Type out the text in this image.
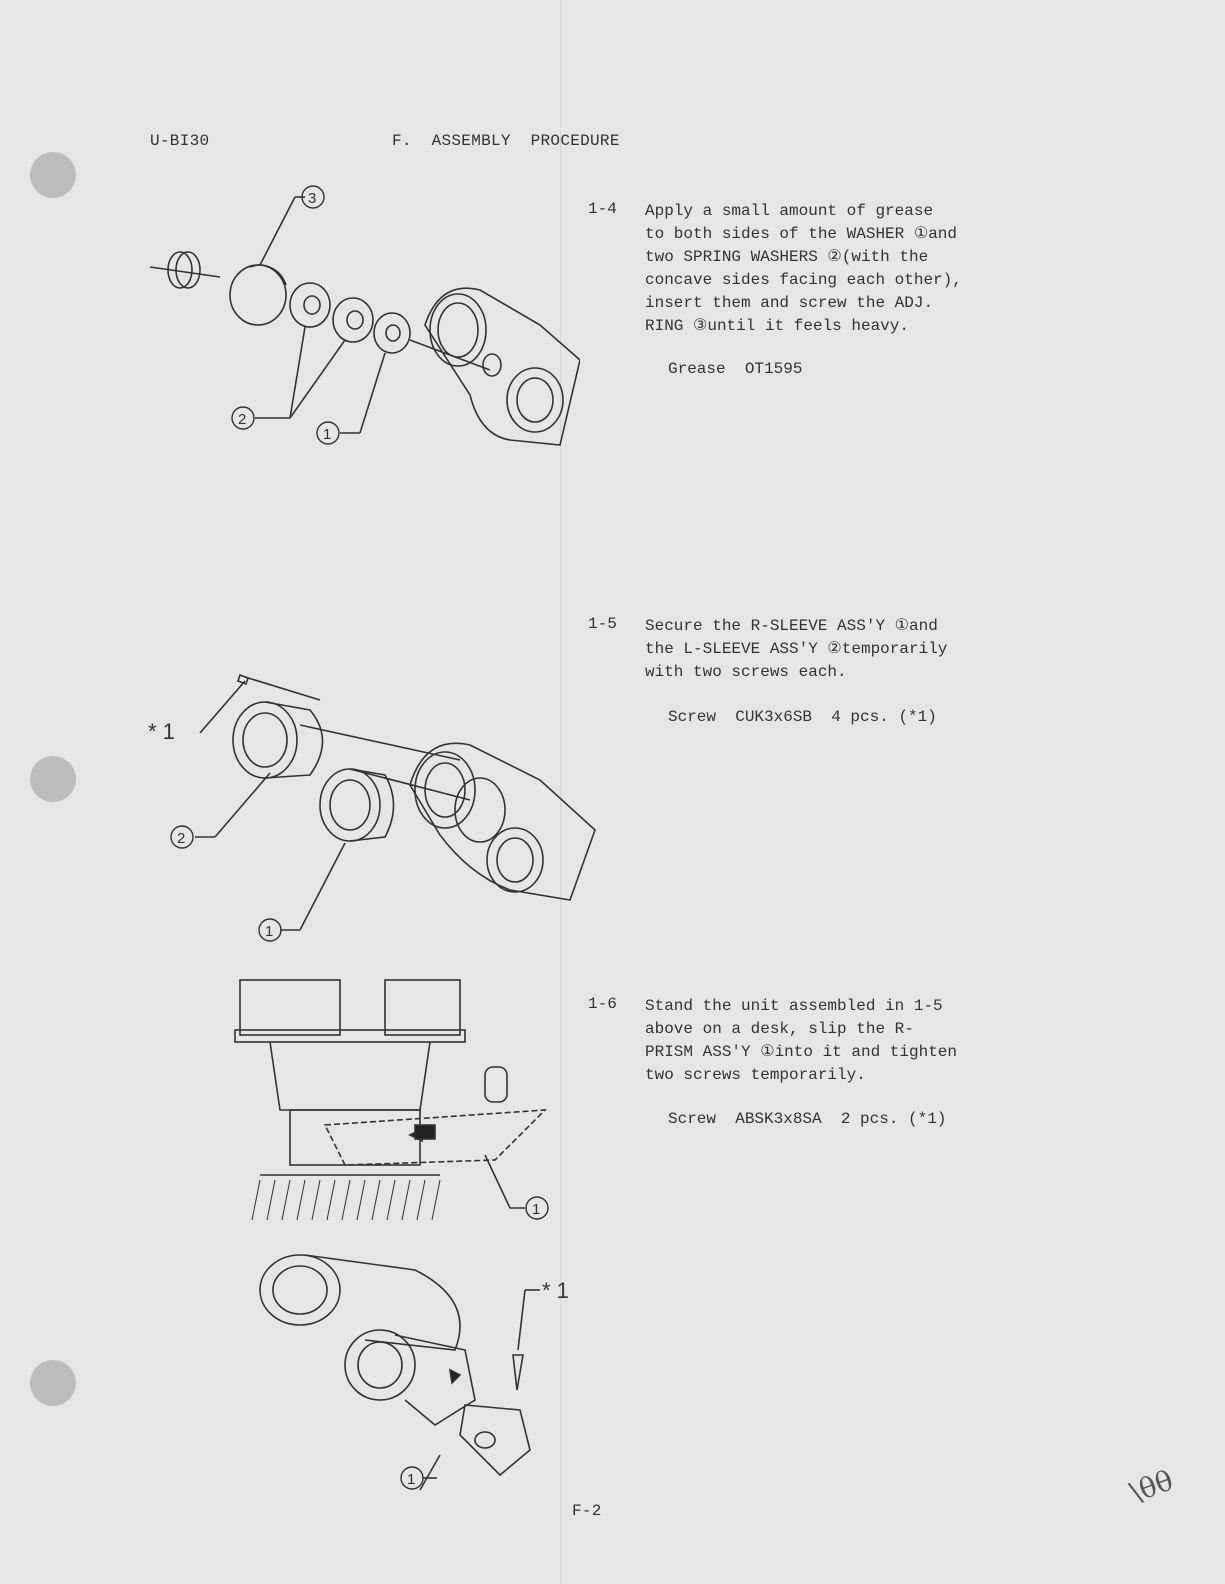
U-BI30	F.  ASSEMBLY  PROCEDURE
1-4 Apply a small amount of grease
to both sides of the WASHER ①and
two SPRING WASHERS ②(with the
concave sides facing each other),
insert them and screw the ADJ.
RING ③until it feels heavy.
Grease  OT1595
1-5 Secure the R-SLEEVE ASS'Y ①and
the L-SLEEVE ASS'Y ②temporarily
with two screws each.
Screw  CUK3x6SB  4 pcs. (*1)
1-6 Stand the unit assembled in 1-5
above on a desk, slip the R-
PRISM ASS'Y ①into it and tighten
two screws temporarily.
Screw  ABSK3x8SA  2 pcs. (*1)
3
2
1
* 1
2
1
1
* 1
1
F-2
\θθ
